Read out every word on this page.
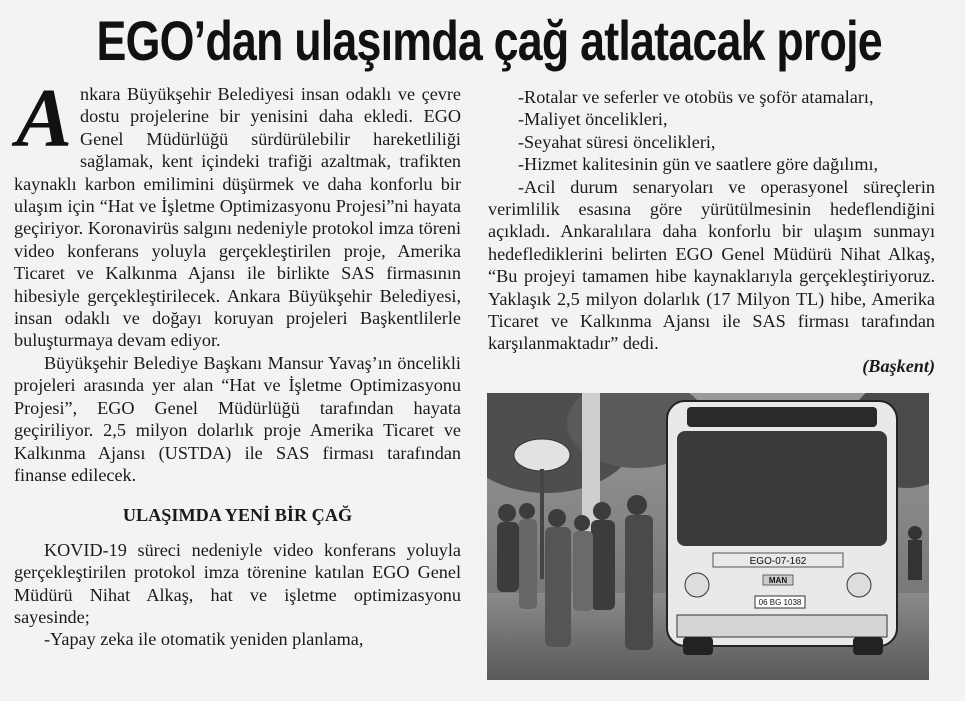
EGO’dan ulaşımda çağ atlatacak proje

Ankara Büyükşehir Belediyesi insan odaklı ve çevre dostu projelerine bir yenisini daha ekledi. EGO Genel Müdürlüğü sürdürülebilir hareketliliği sağlamak, kent içindeki trafiği azaltmak, trafikten kaynaklı karbon emilimini düşürmek ve daha konforlu bir ulaşım için “Hat ve İşletme Optimizasyonu Projesi”ni hayata geçiriyor. Koronavirüs salgını nedeniyle protokol imza töreni video konferans yoluyla gerçekleştirilen proje, Amerika Ticaret ve Kalkınma Ajansı ile birlikte SAS firmasının hibesiyle gerçekleştirilecek. Ankara Büyükşehir Belediyesi, insan odaklı ve doğayı koruyan projeleri Başkentlilerle buluşturmaya devam ediyor.

Büyükşehir Belediye Başkanı Mansur Yavaş’ın öncelikli projeleri arasında yer alan “Hat ve İşletme Optimizasyonu Projesi”, EGO Genel Müdürlüğü tarafından hayata geçiriliyor. 2,5 milyon dolarlık proje Amerika Ticaret ve Kalkınma Ajansı (USTDA) ile SAS firması tarafından finanse edilecek.

ULAŞIMDA YENİ BİR ÇAĞ

KOVID-19 süreci nedeniyle video konferans yoluyla gerçekleştirilen protokol imza törenine katılan EGO Genel Müdürü Nihat Alkaş, hat ve işletme optimizasyonu sayesinde;

-Yapay zeka ile otomatik yeniden planlama,

-Rotalar ve seferler ve otobüs ve şoför atamaları,

-Maliyet öncelikleri,

-Seyahat süresi öncelikleri,

-Hizmet kalitesinin gün ve saatlere göre dağılımı,

-Acil durum senaryoları ve operasyonel süreçlerin verimlilik esasına göre yürütülmesinin hedeflendiğini açıkladı. Ankaralılara daha konforlu bir ulaşım sunmayı hedeflediklerini belirten EGO Genel Müdürü Nihat Alkaş, “Bu projeyi tamamen hibe kaynaklarıyla gerçekleştiriyoruz. Yaklaşık 2,5 milyon dolarlık (17 Milyon TL) hibe, Amerika Ticaret ve Kalkınma Ajansı ile SAS firması tarafından karşılanmaktadır” dedi.

(Başkent)

EGO-07-162
MAN
06 BG 1038
